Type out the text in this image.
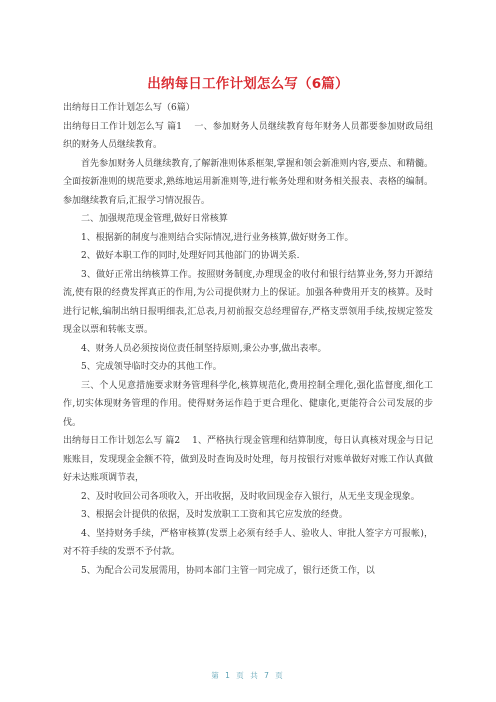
出纳每日工作计划怎么写（6篇）

出纳每日工作计划怎么写（6篇）

出纳每日工作计划怎么写 篇1　 一、参加财务人员继续教育每年财务人员都要参加财政局组织的财务人员继续教育。

首先参加财务人员继续教育,了解新准则体系框架,掌握和领会新准则内容,要点、和精髓。全面按新准则的规范要求,熟练地运用新准则等,进行帐务处理和财务相关报表、表格的编制。参加继续教育后,汇报学习情况报告。

二、加强规范现金管理,做好日常核算

1、根据新的制度与准则结合实际情况,进行业务核算,做好财务工作。

2、做好本职工作的同时,处理好同其他部门的协调关系.

3、做好正常出纳核算工作。按照财务制度,办理现金的收付和银行结算业务,努力开源结流,使有限的经费发挥真正的作用,为公司提供财力上的保证。加强各种费用开支的核算。及时进行记帐,编制出纳日报明细表,汇总表,月初前报交总经理留存,严格支票领用手续,按规定签发现金以票和转帐支票。

4、财务人员必须按岗位责任制坚持原则,秉公办事,做出表率。

5、完成领导临时交办的其他工作。

三、个人见意措施要求财务管理科学化,核算规范化,费用控制全理化,强化监督度,细化工作,切实体现财务管理的作用。使得财务运作趋于更合理化、健康化,更能符合公司发展的步伐。

出纳每日工作计划怎么写 篇2　 1、严格执行现金管理和结算制度，每日认真核对现金与日记账账目，发现现金金额不符，做到及时查询及时处理，每月按银行对账单做好对账工作认真做好未达账项调节表，

2、及时收回公司各项收入，开出收据，及时收回现金存入银行，从无坐支现金现象。

3、根据会计提供的依据，及时发放职工工资和其它应发放的经费。

4、坚持财务手续，严格审核算(发票上必须有经手人、验收人、审批人签字方可报帐)，对不符手续的发票不予付款。

5、为配合公司发展需用，协同本部门主管一同完成了，银行还货工作，以

第 1 页 共 7 页
